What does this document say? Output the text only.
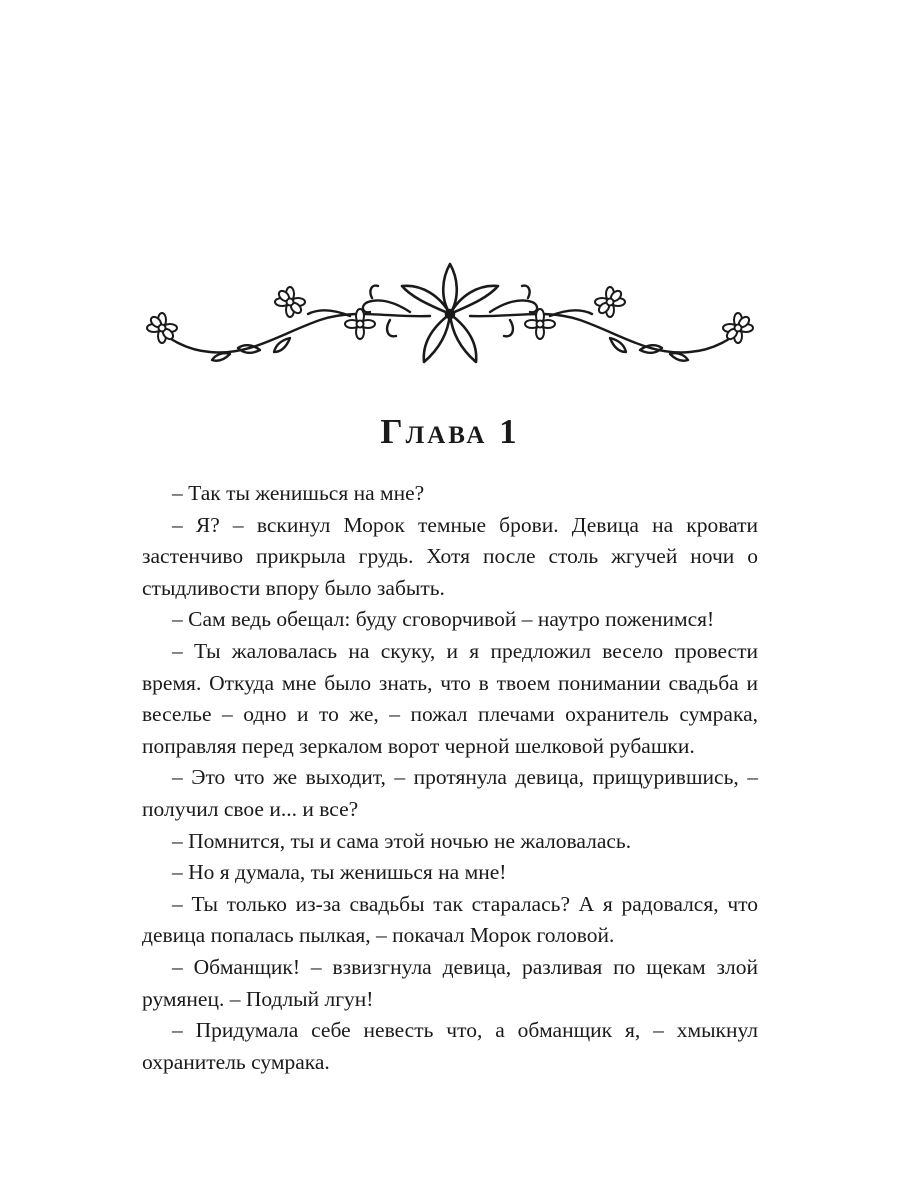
Глава 1

– Так ты женишься на мне?

– Я? – вскинул Морок темные брови. Девица на кровати застенчиво прикрыла грудь. Хотя после столь жгучей ночи о стыдливости впору было забыть.

– Сам ведь обещал: буду сговорчивой – наутро поженимся!

– Ты жаловалась на скуку, и я предложил весело провести время. Откуда мне было знать, что в твоем понимании свадьба и веселье – одно и то же, – пожал плечами охранитель сумрака, поправляя перед зеркалом ворот черной шелковой рубашки.

– Это что же выходит, – протянула девица, прищурившись, – получил свое и... и все?

– Помнится, ты и сама этой ночью не жаловалась.

– Но я думала, ты женишься на мне!

– Ты только из-за свадьбы так старалась? А я радовался, что девица попалась пылкая, – покачал Морок головой.

– Обманщик! – взвизгнула девица, разливая по щекам злой румянец. – Подлый лгун!

– Придумала себе невесть что, а обманщик я, – хмыкнул охранитель сумрака.
